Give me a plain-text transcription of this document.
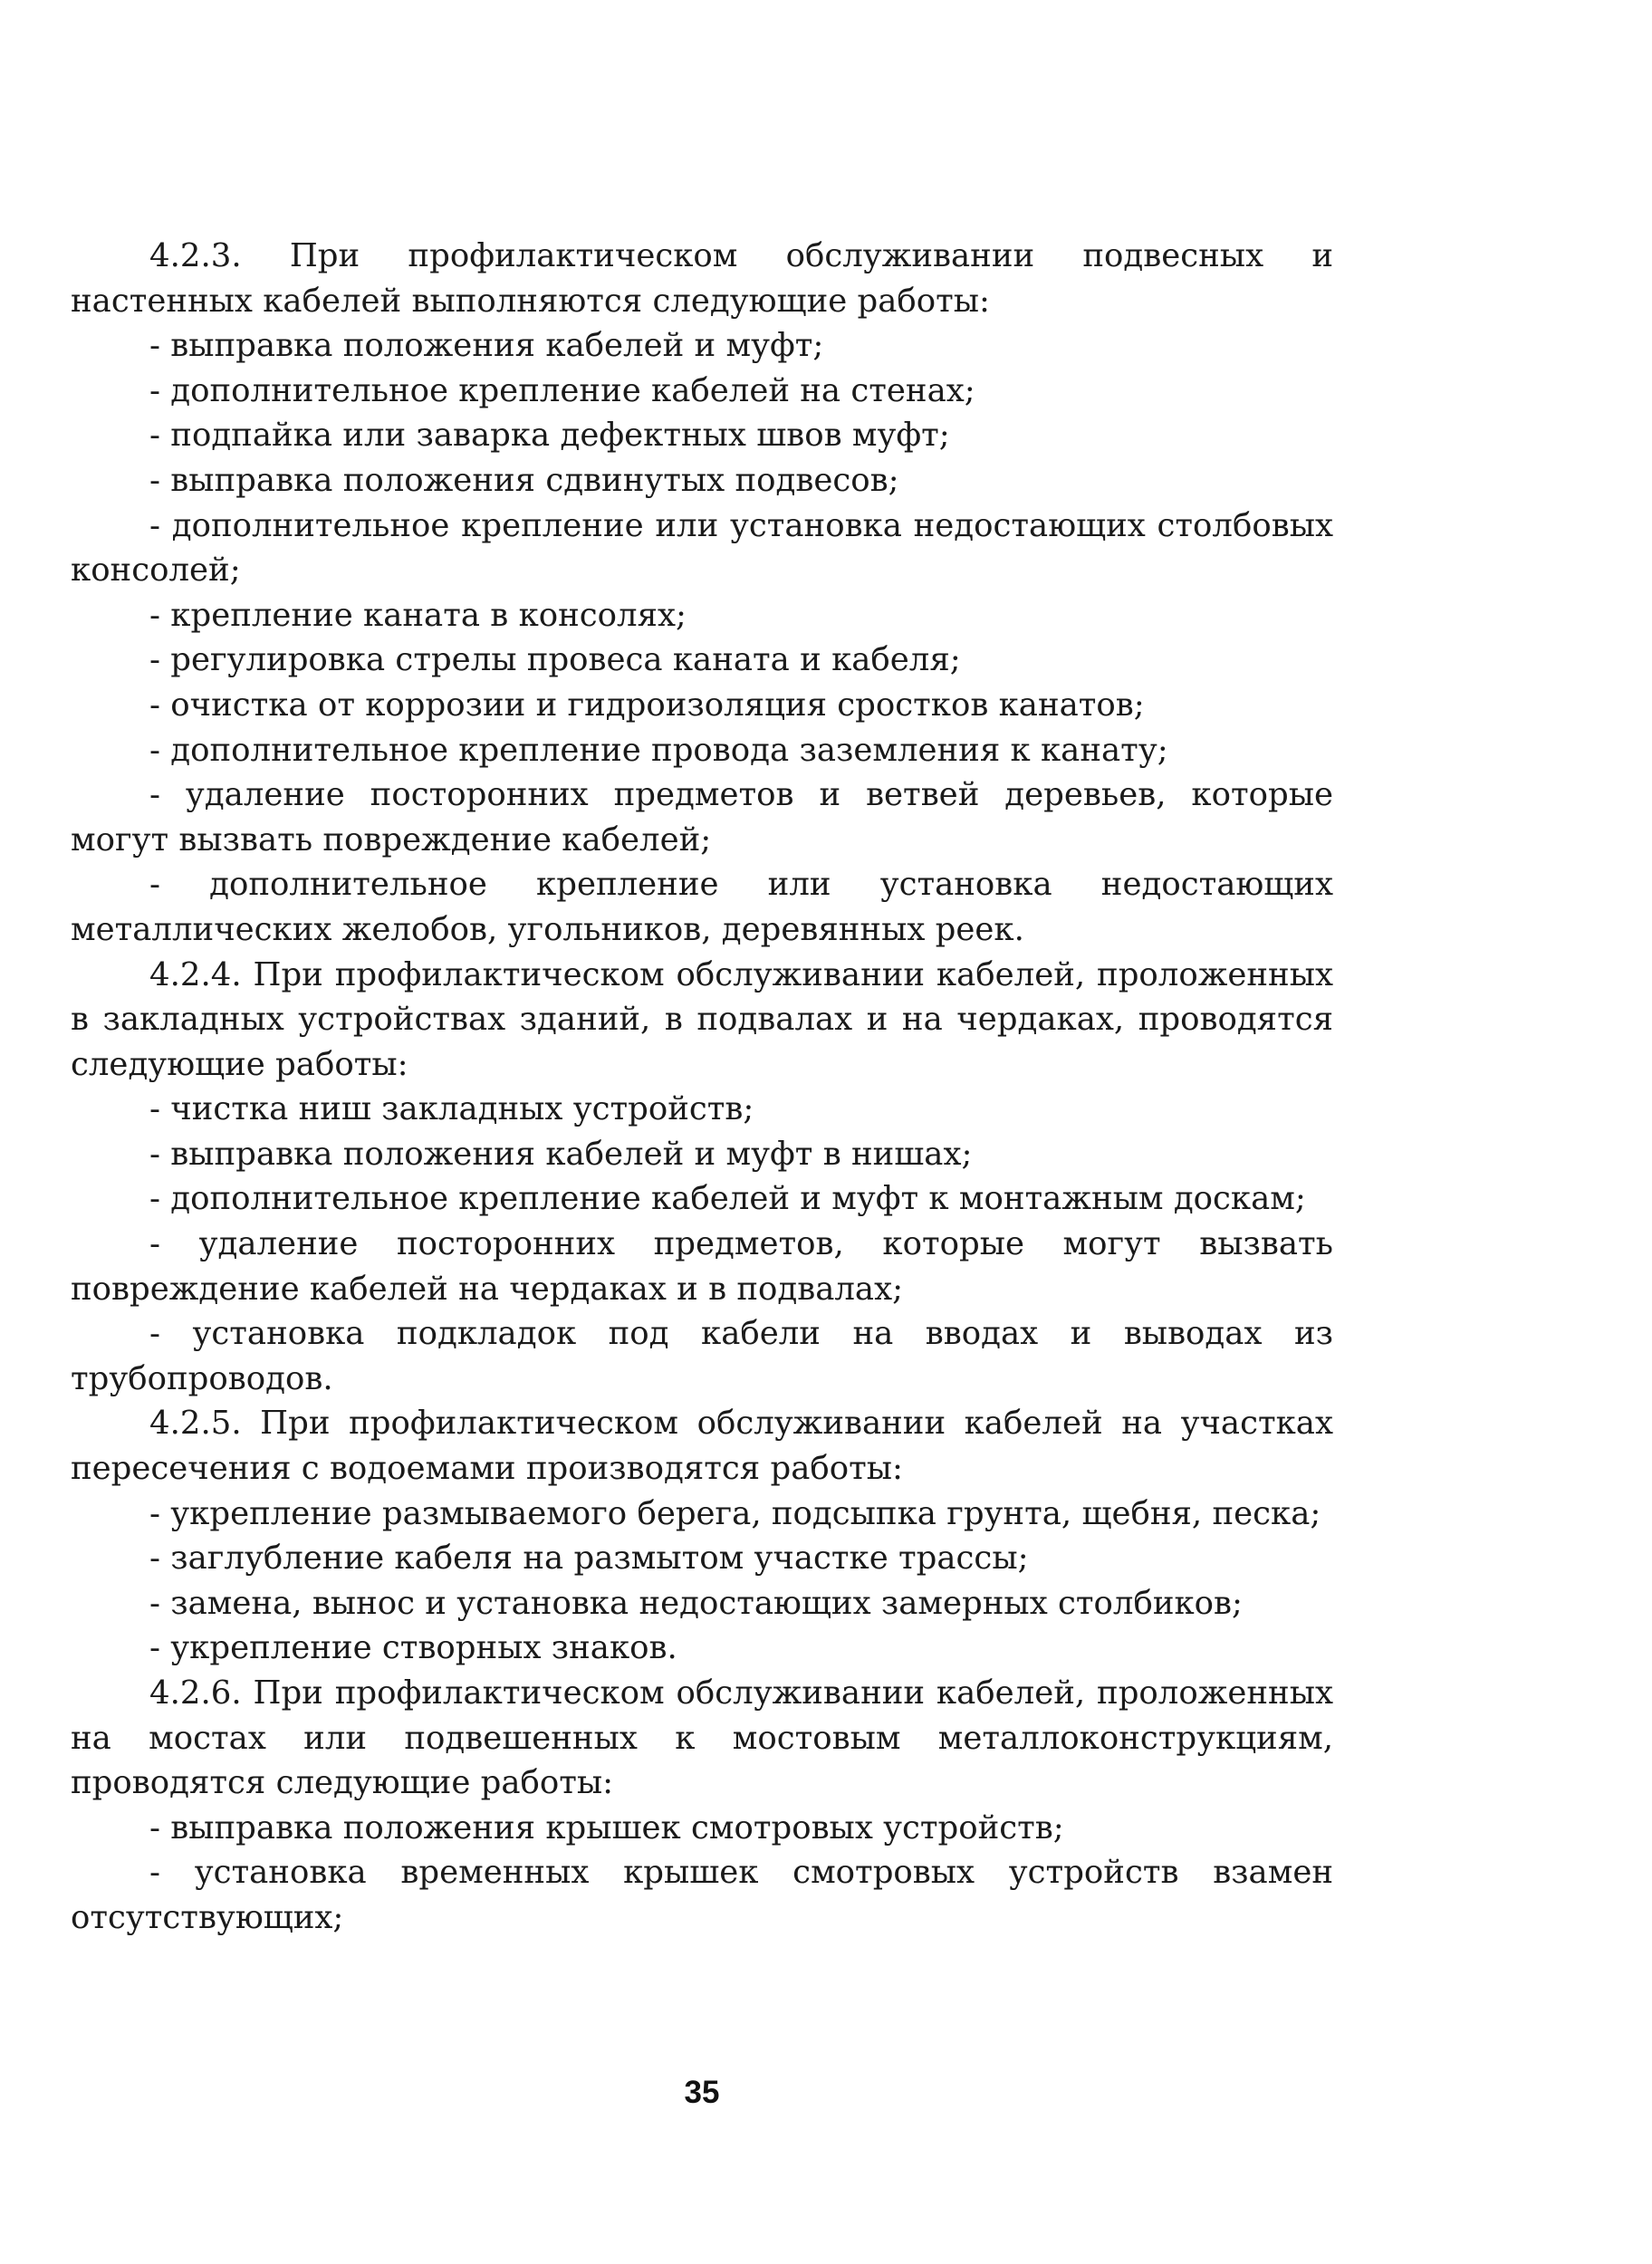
4.2.3. При профилактическом обслуживании подвесных и настенных кабелей выполняются следующие работы:

- выправка положения кабелей и муфт;

- дополнительное крепление кабелей на стенах;

- подпайка или заварка дефектных швов муфт;

- выправка положения сдвинутых подвесов;

- дополнительное крепление или установка недостающих столбовых консолей;

- крепление каната в консолях;

- регулировка стрелы провеса каната и кабеля;

- очистка от коррозии и гидроизоляция сростков канатов;

- дополнительное крепление провода заземления к канату;

- удаление посторонних предметов и ветвей деревьев, которые могут вызвать повреждение кабелей;

- дополнительное крепление или установка недостающих металлических желобов, угольников, деревянных реек.

4.2.4. При профилактическом обслуживании кабелей, проложенных в закладных устройствах зданий, в подвалах и на чердаках, проводятся следующие работы:

- чистка ниш закладных устройств;

- выправка положения кабелей и муфт в нишах;

- дополнительное крепление кабелей и муфт к монтажным доскам;

- удаление посторонних предметов, которые могут вызвать повреждение кабелей на чердаках и в подвалах;

- установка подкладок под кабели на вводах и выводах из трубопроводов.

4.2.5. При профилактическом обслуживании кабелей на участках пересечения с водоемами производятся работы:

- укрепление размываемого берега, подсыпка грунта, щебня, песка;

- заглубление кабеля на размытом участке трассы;

- замена, вынос и установка недостающих замерных столбиков;

- укрепление створных знаков.

4.2.6. При профилактическом обслуживании кабелей, проложенных на мостах или подвешенных к мостовым металлоконструкциям, проводятся следующие работы:

- выправка положения крышек смотровых устройств;

- установка временных крышек смотровых устройств взамен отсутствующих;

35
